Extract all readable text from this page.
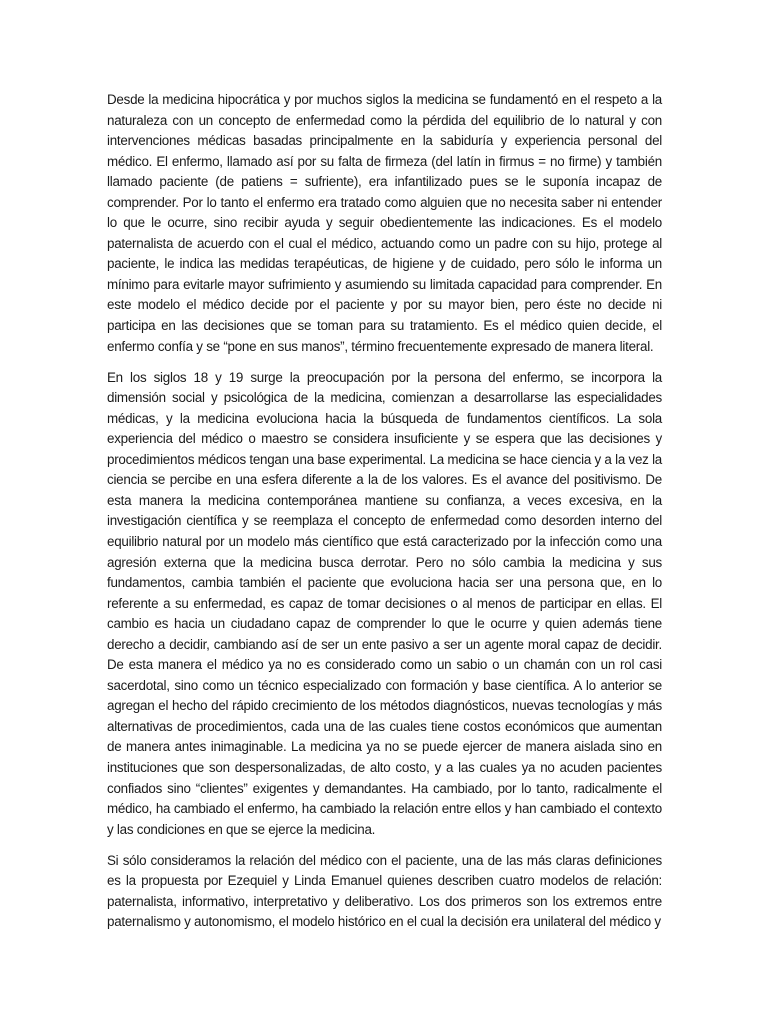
Desde la medicina hipocrática y por muchos siglos la medicina se fundamentó en el respeto a la naturaleza con un concepto de enfermedad como la pérdida del equilibrio de lo natural y con intervenciones médicas basadas principalmente en la sabiduría y experiencia personal del médico. El enfermo, llamado así por su falta de firmeza (del latín in firmus = no firme) y también llamado paciente (de patiens = sufriente), era infantilizado pues se le suponía incapaz de comprender. Por lo tanto el enfermo era tratado como alguien que no necesita saber ni entender lo que le ocurre, sino recibir ayuda y seguir obedientemente las indicaciones. Es el modelo paternalista de acuerdo con el cual el médico, actuando como un padre con su hijo, protege al paciente, le indica las medidas terapéuticas, de higiene y de cuidado, pero sólo le informa un mínimo para evitarle mayor sufrimiento y asumiendo su limitada capacidad para comprender. En este modelo el médico decide por el paciente y por su mayor bien, pero éste no decide ni participa en las decisiones que se toman para su tratamiento. Es el médico quien decide, el enfermo confía y se “pone en sus manos”, término frecuentemente expresado de manera literal.

En los siglos 18 y 19 surge la preocupación por la persona del enfermo, se incorpora la dimensión social y psicológica de la medicina, comienzan a desarrollarse las especialidades médicas, y la medicina evoluciona hacia la búsqueda de fundamentos científicos. La sola experiencia del médico o maestro se considera insuficiente y se espera que las decisiones y procedimientos médicos tengan una base experimental. La medicina se hace ciencia y a la vez la ciencia se percibe en una esfera diferente a la de los valores. Es el avance del positivismo. De esta manera la medicina contemporánea mantiene su confianza, a veces excesiva, en la investigación científica y se reemplaza el concepto de enfermedad como desorden interno del equilibrio natural por un modelo más científico que está caracterizado por la infección como una agresión externa que la medicina busca derrotar. Pero no sólo cambia la medicina y sus fundamentos, cambia también el paciente que evoluciona hacia ser una persona que, en lo referente a su enfermedad, es capaz de tomar decisiones o al menos de participar en ellas. El cambio es hacia un ciudadano capaz de comprender lo que le ocurre y quien además tiene derecho a decidir, cambiando así de ser un ente pasivo a ser un agente moral capaz de decidir. De esta manera el médico ya no es considerado como un sabio o un chamán con un rol casi sacerdotal, sino como un técnico especializado con formación y base científica. A lo anterior se agregan el hecho del rápido crecimiento de los métodos diagnósticos, nuevas tecnologías y más alternativas de procedimientos, cada una de las cuales tiene costos económicos que aumentan de manera antes inimaginable. La medicina ya no se puede ejercer de manera aislada sino en instituciones que son despersonalizadas, de alto costo, y a las cuales ya no acuden pacientes confiados sino “clientes” exigentes y demandantes. Ha cambiado, por lo tanto, radicalmente el médico, ha cambiado el enfermo, ha cambiado la relación entre ellos y han cambiado el contexto y las condiciones en que se ejerce la medicina.

Si sólo consideramos la relación del médico con el paciente, una de las más claras definiciones es la propuesta por Ezequiel y Linda Emanuel quienes describen cuatro modelos de relación: paternalista, informativo, interpretativo y deliberativo. Los dos primeros son los extremos entre paternalismo y autonomismo, el modelo histórico en el cual la decisión era unilateral del médico y
